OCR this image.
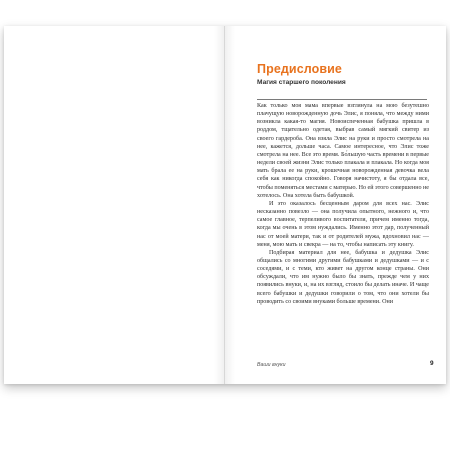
Предисловие
Магия старшего поколения

Как только моя мама впервые взглянула на мою безутешно плачущую новорожденную дочь Элис, я поняла, что между ними возникла какая-то магия. Новоиспеченная бабушка пришла в роддом, тщательно одетая, выбрав самый мягкий свитер из своего гардероба. Она взяла Элис на руки и просто смотрела на нее, кажется, дольше часа. Самое интересное, что Элис тоже смотрела на нее. Все это время. Бо́льшую часть времени в первые недели своей жизни Элис только плакала и плакала. Но когда моя мать брала ее на руки, крошечная новорожденная девочка вела себя как никогда спокойно. Говоря начистоту, я бы отдала все, чтобы поменяться местами с матерью. Но ей этого совершенно не хотелось. Она хотела быть бабушкой.

И это оказалось бесценным даром для всех нас. Элис несказанно повезло — она получила опытного, нежного и, что самое главное, терпеливого воспитателя, причем именно тогда, когда мы очень в этом нуждались. Именно этот дар, полученный нас от моей матери, так и от родителей мужа, вдохновил нас — меня, мою мать и свекра — на то, чтобы написать эту книгу.

Подбирая материал для нее, бабушка и дедушка Элис общались со многими другими бабушками и дедушками — и с соседями, и с теми, кто живет на другом конце страны. Они обсуждали, что им нужно было бы знать, прежде чем у них появились внуки, и, на их взгляд, стоило бы делать иначе. И чаще всего бабушки и дедушки говорили о том, что они хотели бы проводить со своими внуками больше времени. Они

Ваши внуки	9
